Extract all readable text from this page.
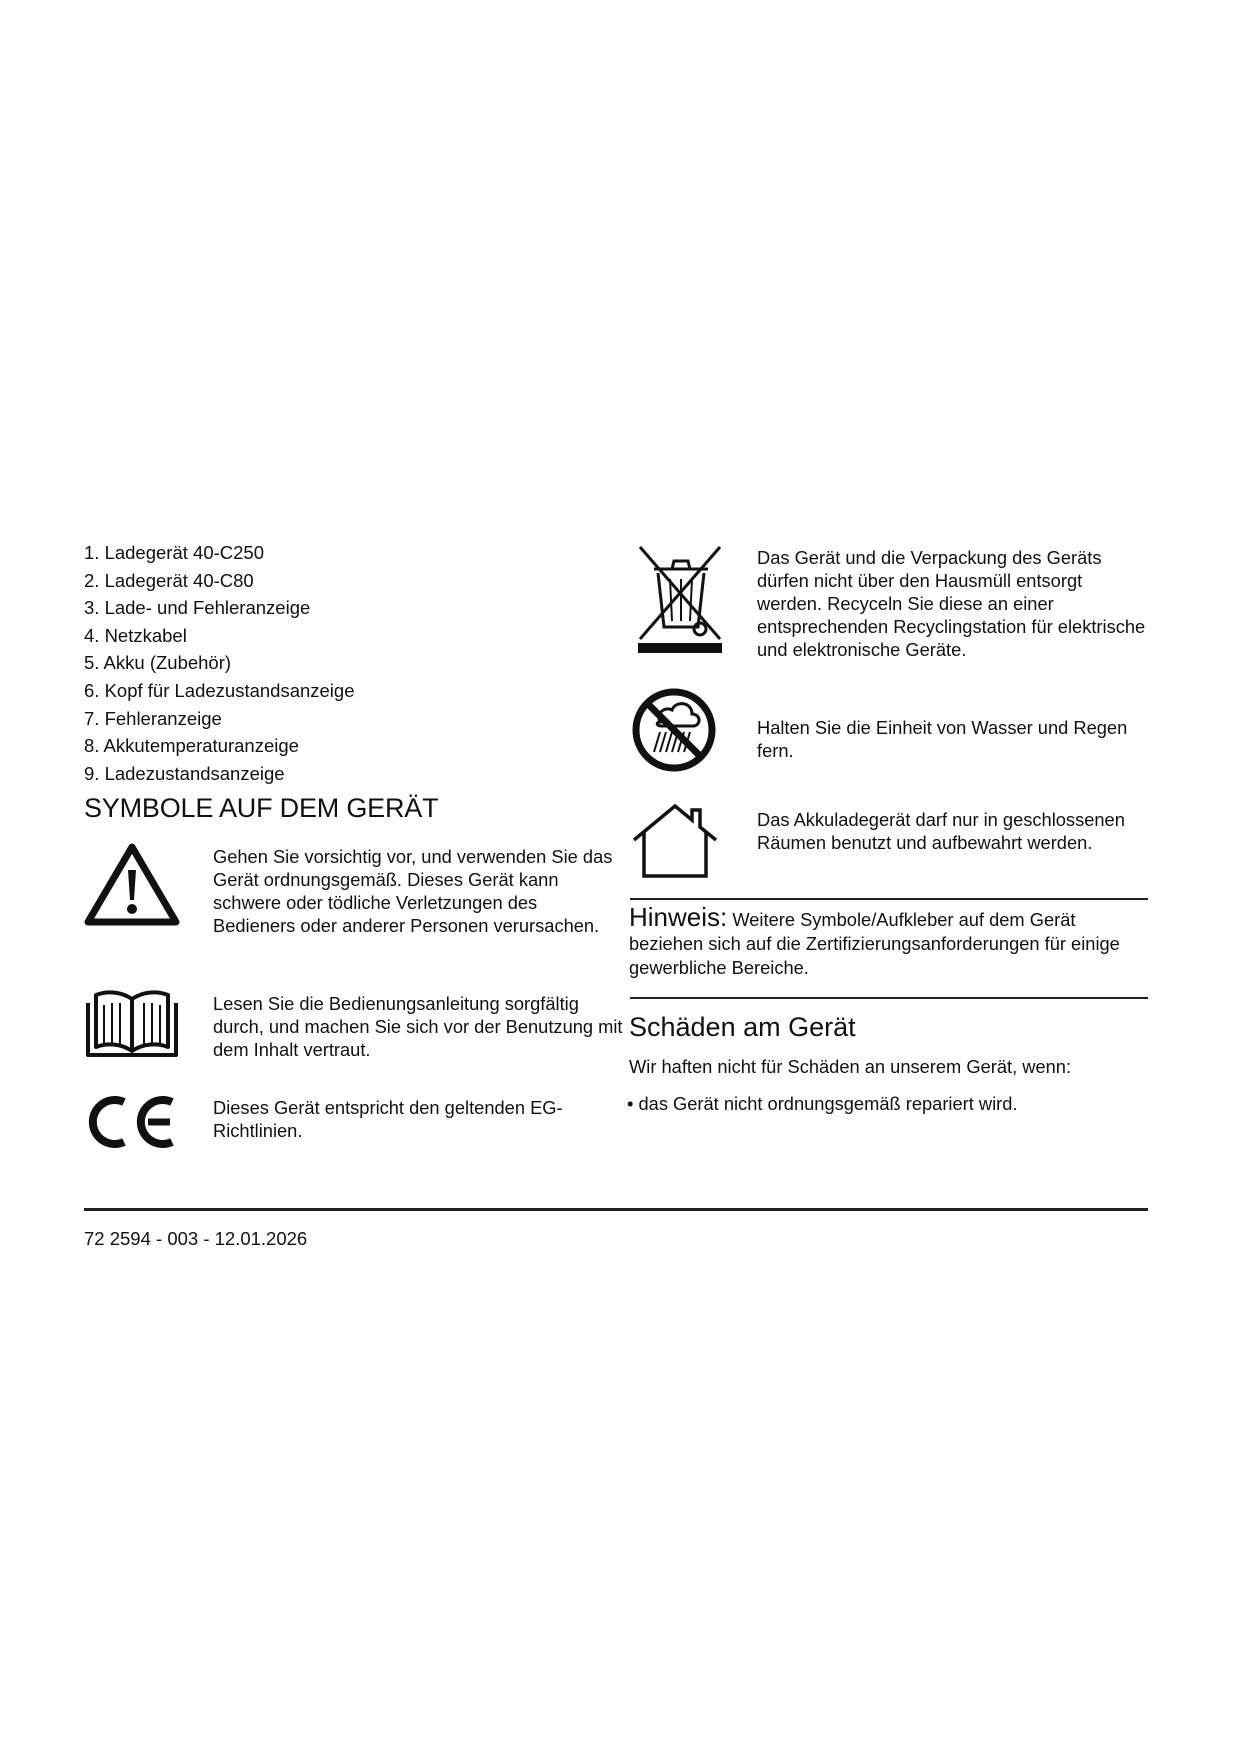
1. Ladegerät 40-C250
2. Ladegerät 40-C80
3. Lade- und Fehleranzeige
4. Netzkabel
5. Akku (Zubehör)
6. Kopf für Ladezustandsanzeige
7. Fehleranzeige
8. Akkutemperaturanzeige
9. Ladezustandsanzeige
SYMBOLE AUF DEM GERÄT

Gehen Sie vorsichtig vor, und verwenden Sie das Gerät ordnungsgemäß. Dieses Gerät kann schwere oder tödliche Verletzungen des Bedieners oder anderer Personen verursachen.

Lesen Sie die Bedienungsanleitung sorgfältig durch, und machen Sie sich vor der Benutzung mit dem Inhalt vertraut.

Dieses Gerät entspricht den geltenden EG-Richtlinien.

Das Gerät und die Verpackung des Geräts dürfen nicht über den Hausmüll entsorgt werden. Recyceln Sie diese an einer entsprechenden Recyclingstation für elektrische und elektronische Geräte.

Halten Sie die Einheit von Wasser und Regen fern.

Das Akkuladegerät darf nur in geschlossenen Räumen benutzt und aufbewahrt werden.

Hinweis: Weitere Symbole/Aufkleber auf dem Gerät beziehen sich auf die Zertifizierungsanforderungen für einige gewerbliche Bereiche.

Schäden am Gerät

Wir haften nicht für Schäden an unserem Gerät, wenn:

• das Gerät nicht ordnungsgemäß repariert wird.

72 2594 - 003 - 12.01.2026
